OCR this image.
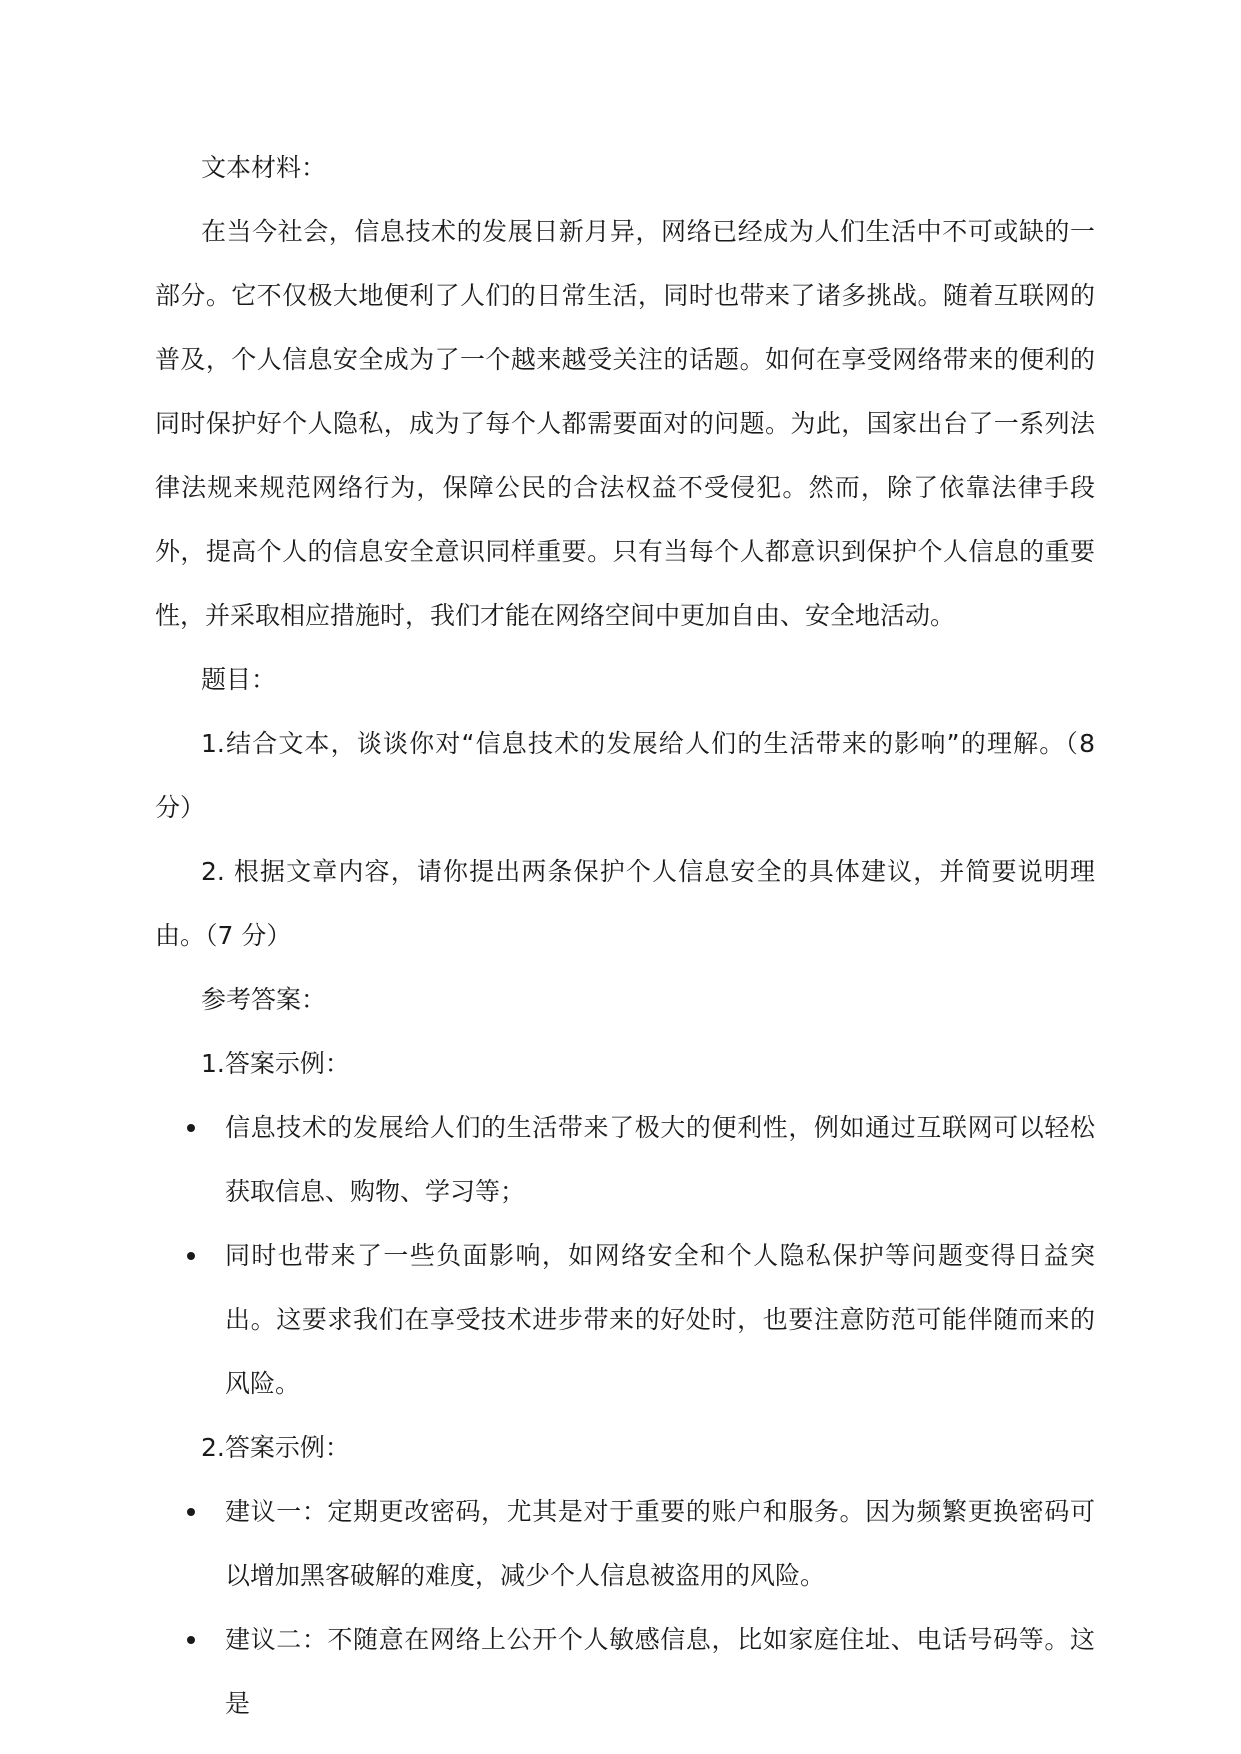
文本材料：

在当今社会，信息技术的发展日新月异，网络已经成为人们生活中不可或缺的一部分。它不仅极大地便利了人们的日常生活，同时也带来了诸多挑战。随着互联网的普及，个人信息安全成为了一个越来越受关注的话题。如何在享受网络带来的便利的同时保护好个人隐私，成为了每个人都需要面对的问题。为此，国家出台了一系列法律法规来规范网络行为，保障公民的合法权益不受侵犯。然而，除了依靠法律手段外，提高个人的信息安全意识同样重要。只有当每个人都意识到保护个人信息的重要性，并采取相应措施时，我们才能在网络空间中更加自由、安全地活动。

题目：

1.结合文本，谈谈你对“信息技术的发展给人们的生活带来的影响”的理解。（8 分）

2. 根据文章内容，请你提出两条保护个人信息安全的具体建议，并简要说明理由。（7 分）

参考答案：

1.答案示例：

信息技术的发展给人们的生活带来了极大的便利性，例如通过互联网可以轻松获取信息、购物、学习等；
同时也带来了一些负面影响，如网络安全和个人隐私保护等问题变得日益突出。这要求我们在享受技术进步带来的好处时，也要注意防范可能伴随而来的风险。

2.答案示例：

建议一：定期更改密码，尤其是对于重要的账户和服务。因为频繁更换密码可以增加黑客破解的难度，减少个人信息被盗用的风险。
建议二：不随意在网络上公开个人敏感信息，比如家庭住址、电话号码等。这是
